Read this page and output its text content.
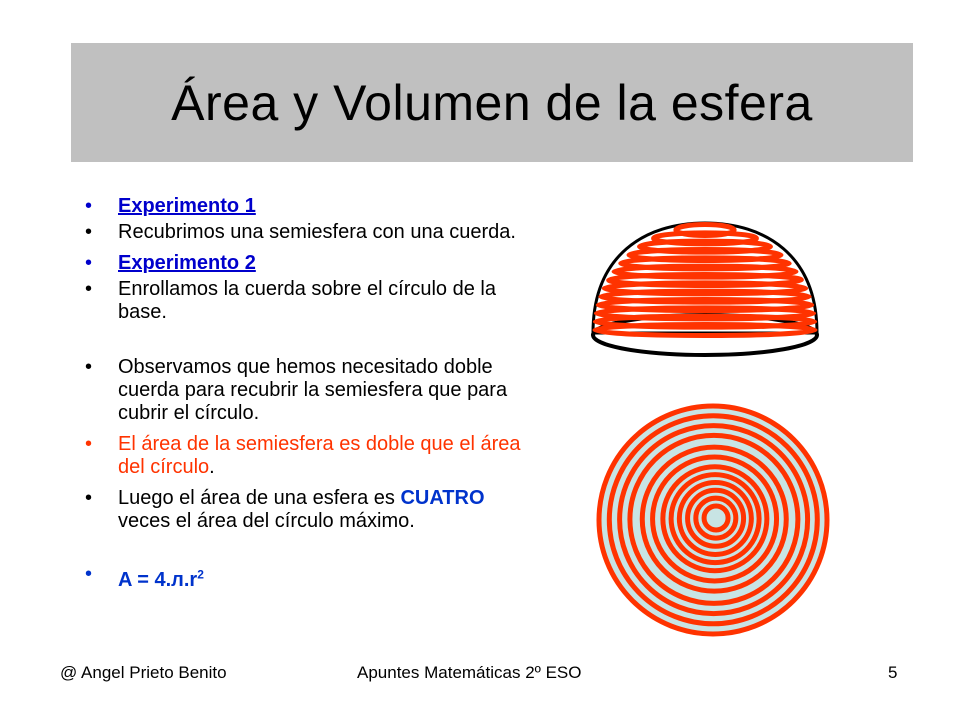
Área y Volumen de la esfera
• Experimento 1
• Recubrimos una semiesfera con una cuerda.
• Experimento 2
• Enrollamos la cuerda sobre el círculo de la base.
• Observamos que hemos necesitado doble cuerda para recubrir la semiesfera que para cubrir el círculo.
• El área de la semiesfera es doble que el área del círculo.
• Luego el área de una esfera es CUATRO veces el área del círculo máximo.
• $A = 4.л.r^2$
@ Angel Prieto Benito	Apuntes Matemáticas 2º ESO	5
